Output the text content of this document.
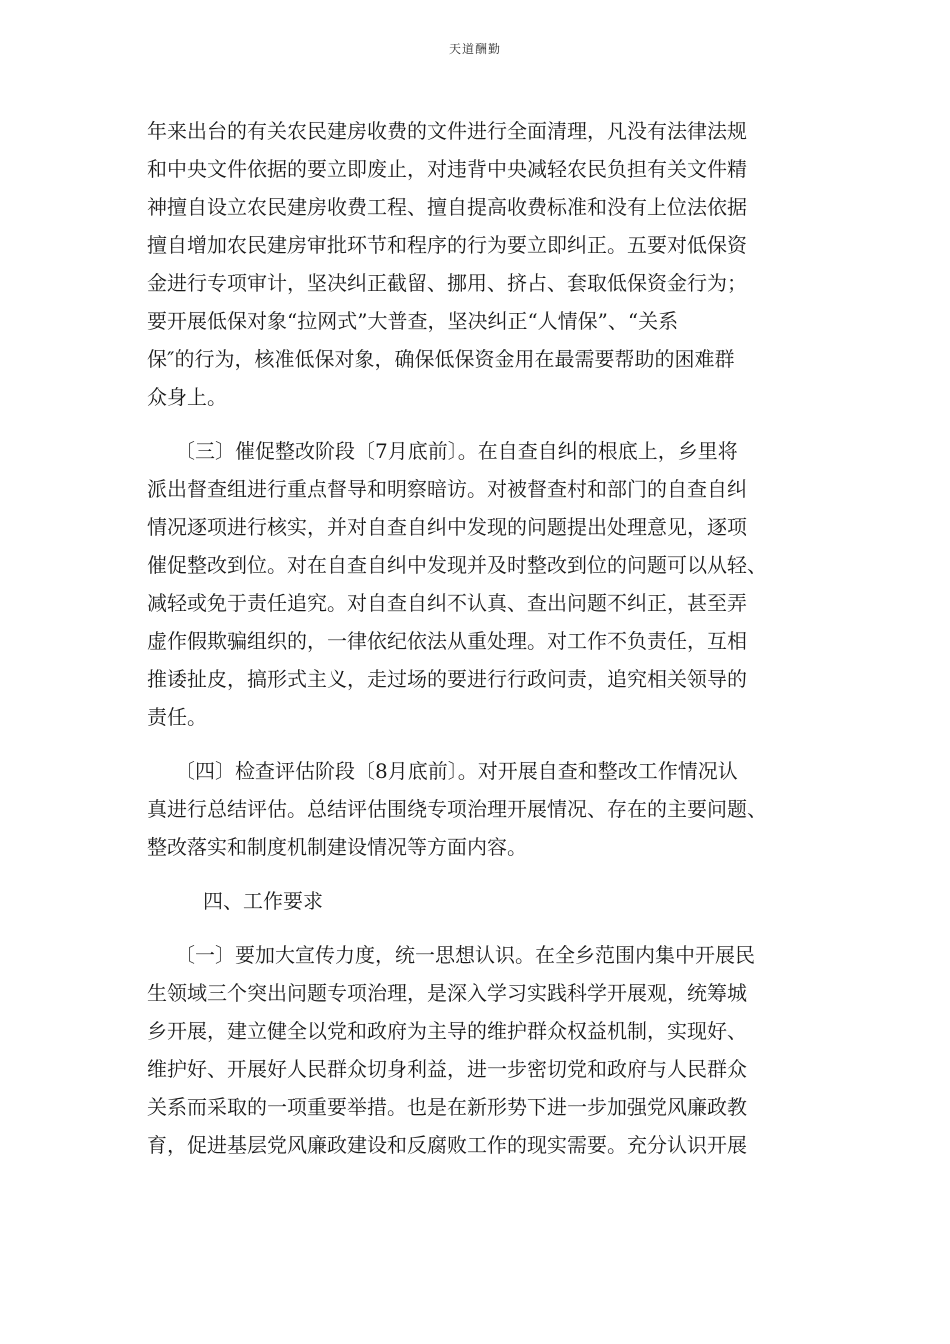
天道酬勤
年来出台的有关农民建房收费的文件进行全面清理，凡没有法律法规
和中央文件依据的要立即废止，对违背中央减轻农民负担有关文件精
神擅自设立农民建房收费工程、擅自提高收费标准和没有上位法依据
擅自增加农民建房审批环节和程序的行为要立即纠正。五要对低保资
金进行专项审计，坚决纠正截留、挪用、挤占、套取低保资金行为；
要开展低保对象“拉网式”大普查，坚决纠正“人情保”、“关系
保″的行为，核准低保对象，确保低保资金用在最需要帮助的困难群
众身上。
〔三〕催促整改阶段〔7月底前〕。在自查自纠的根底上，乡里将
派出督查组进行重点督导和明察暗访。对被督查村和部门的自查自纠
情况逐项进行核实，并对自查自纠中发现的问题提出处理意见，逐项
催促整改到位。对在自查自纠中发现并及时整改到位的问题可以从轻、
减轻或免于责任追究。对自查自纠不认真、查出问题不纠正，甚至弄
虚作假欺骗组织的，一律依纪依法从重处理。对工作不负责任，互相
推诿扯皮，搞形式主义，走过场的要进行行政问责，追究相关领导的
责任。
〔四〕检查评估阶段〔8月底前〕。对开展自查和整改工作情况认
真进行总结评估。总结评估围绕专项治理开展情况、存在的主要问题、
整改落实和制度机制建设情况等方面内容。
四、工作要求
〔一〕要加大宣传力度，统一思想认识。在全乡范围内集中开展民
生领域三个突出问题专项治理，是深入学习实践科学开展观，统筹城
乡开展，建立健全以党和政府为主导的维护群众权益机制，实现好、
维护好、开展好人民群众切身利益，进一步密切党和政府与人民群众
关系而采取的一项重要举措。也是在新形势下进一步加强党风廉政教
育，促进基层党风廉政建设和反腐败工作的现实需要。充分认识开展
